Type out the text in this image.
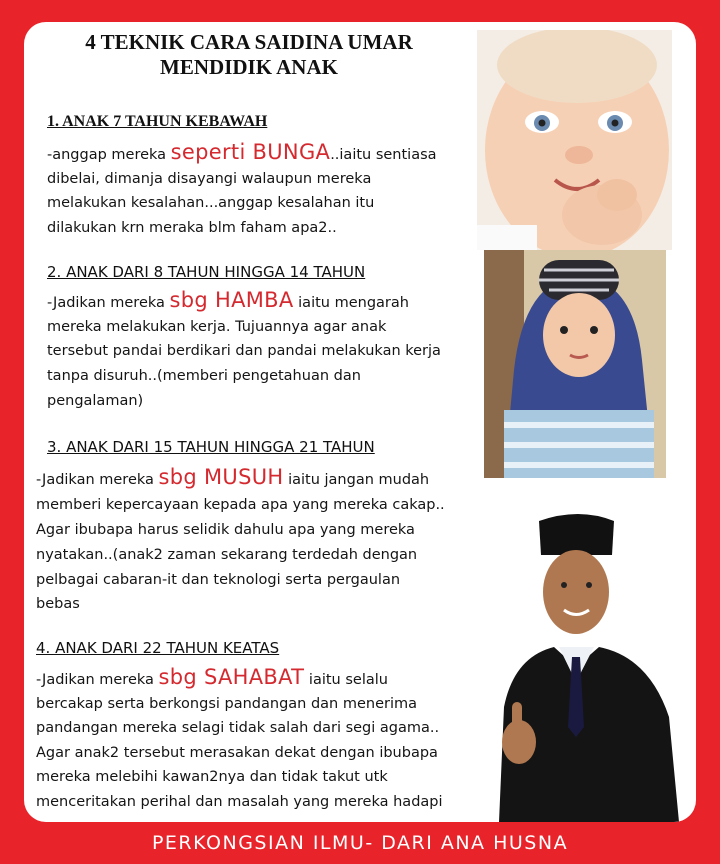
4 TEKNIK CARA SAIDINA UMAR
MENDIDIK ANAK
1. ANAK 7 TAHUN KEBAWAH
-anggap mereka seperti BUNGA..iaitu sentiasa
dibelai, dimanja disayangi walaupun mereka
melakukan kesalahan...anggap kesalahan itu
dilakukan krn meraka blm faham apa2..
2. ANAK DARI 8 TAHUN HINGGA 14 TAHUN
-Jadikan mereka sbg HAMBA iaitu mengarah
mereka melakukan kerja. Tujuannya agar anak
tersebut pandai berdikari dan pandai melakukan kerja
tanpa disuruh..(memberi pengetahuan dan
pengalaman)
3. ANAK DARI 15 TAHUN HINGGA 21 TAHUN
-Jadikan mereka sbg MUSUH iaitu jangan mudah
memberi kepercayaan kepada apa yang mereka cakap..
Agar ibubapa harus selidik dahulu apa yang mereka
nyatakan..(anak2 zaman sekarang terdedah dengan
pelbagai cabaran-it dan teknologi serta pergaulan
bebas
4. ANAK DARI 22 TAHUN KEATAS
-Jadikan mereka sbg SAHABAT iaitu selalu
bercakap serta berkongsi pandangan dan menerima
pandangan mereka selagi tidak salah dari segi agama..
Agar anak2 tersebut merasakan dekat dengan ibubapa
mereka melebihi kawan2nya dan tidak takut utk
menceritakan perihal dan masalah yang mereka hadapi
PERKONGSIAN ILMU- DARI ANA HUSNA
